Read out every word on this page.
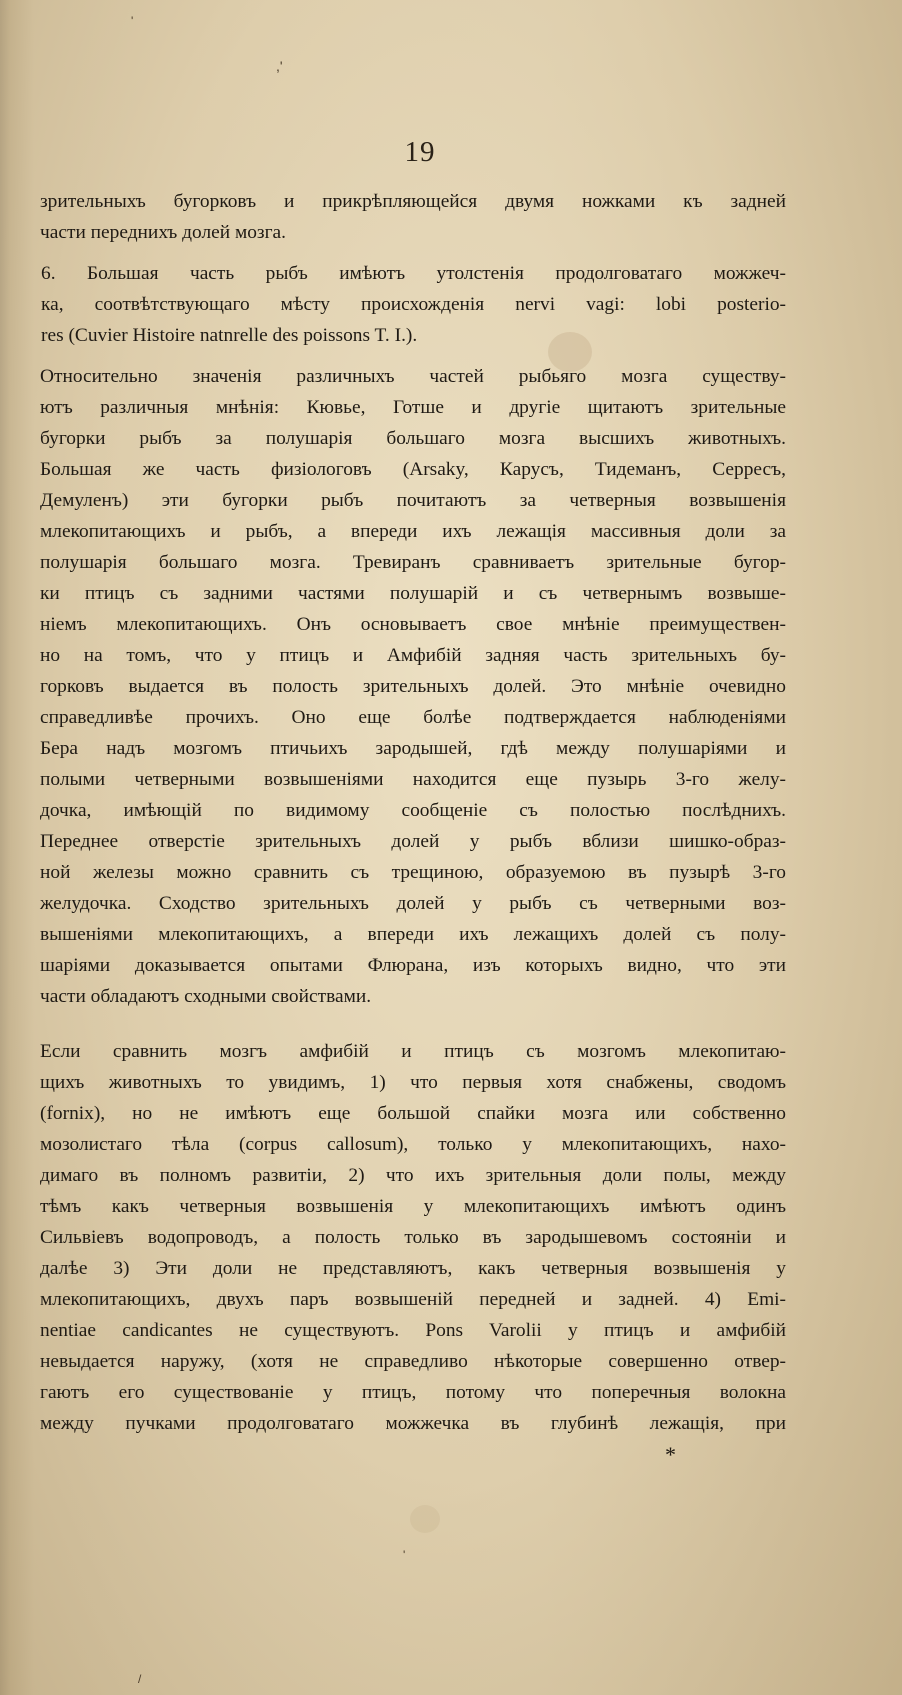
'
,'
'
/
19

зрительныхъ бугорковъ и прикрѣпляющейся двумя ножками къ задней
части переднихъ долей мозга.

6. Большая часть рыбъ имѣютъ утолстенія продолговатаго можжеч-
ка, соотвѣтствующаго мѣсту происхожденія nervi vagi: lobi posterio-
res (Cuvier Histoire natnrelle des poissons T. I.).

Относительно значенія различныхъ частей рыбьяго мозга существу-
ютъ различныя мнѣнія: Кювье, Готше и другіе щитаютъ зрительные
бугорки рыбъ за полушарія большаго мозга высшихъ животныхъ.
Большая же часть физіологовъ (Arsaky, Карусъ, Тидеманъ, Серресъ,
Демуленъ) эти бугорки рыбъ почитаютъ за четверныя возвышенія
млекопитающихъ и рыбъ, а впереди ихъ лежащія массивныя доли за
полушарія большаго мозга. Тревиранъ сравниваетъ зрительные бугор-
ки птицъ съ задними частями полушарій и съ четвернымъ возвыше-
ніемъ млекопитающихъ. Онъ основываетъ свое мнѣніе преимуществен-
но на томъ, что у птицъ и Амфибій задняя часть зрительныхъ бу-
горковъ выдается въ полость зрительныхъ долей. Это мнѣніе очевидно
справедливѣе прочихъ. Оно еще болѣе подтверждается наблюденіями
Бера надъ мозгомъ птичьихъ зародышей, гдѣ между полушаріями и
полыми четверными возвышеніями находится еще пузырь 3-го желу-
дочка, имѣющій по видимому сообщеніе съ полостью послѣднихъ.
Переднее отверстіе зрительныхъ долей у рыбъ вблизи шишко-образ-
ной железы можно сравнить съ трещиною, образуемою въ пузырѣ 3-го
желудочка. Сходство зрительныхъ долей у рыбъ съ четверными воз-
вышеніями млекопитающихъ, а впереди ихъ лежащихъ долей съ полу-
шаріями доказывается опытами Флюрана, изъ которыхъ видно, что эти
части обладаютъ сходными свойствами.

Если сравнить мозгъ амфибій и птицъ съ мозгомъ млекопитаю-
щихъ животныхъ то увидимъ, 1) что первыя хотя снабжены, сводомъ
(fornix), но не имѣютъ еще большой спайки мозга или собственно
мозолистаго тѣла (corpus callosum), только у млекопитающихъ, нахо-
димаго въ полномъ развитіи, 2) что ихъ зрительныя доли полы, между
тѣмъ какъ четверныя возвышенія у млекопитающихъ имѣютъ одинъ
Сильвіевъ водопроводъ, а полость только въ зародышевомъ состояніи и
далѣе 3) Эти доли не представляютъ, какъ четверныя возвышенія у
млекопитающихъ, двухъ паръ возвышеній передней и задней. 4) Emi-
nentiae candicantes не существуютъ. Pons Varolii у птицъ и амфибій
невыдается наружу, (хотя не справедливо нѣкоторые совершенно отвер-
гаютъ его существованіе у птицъ, потому что поперечныя волокна
между пучками продолговатаго можжечка въ глубинѣ лежащія, при

*
